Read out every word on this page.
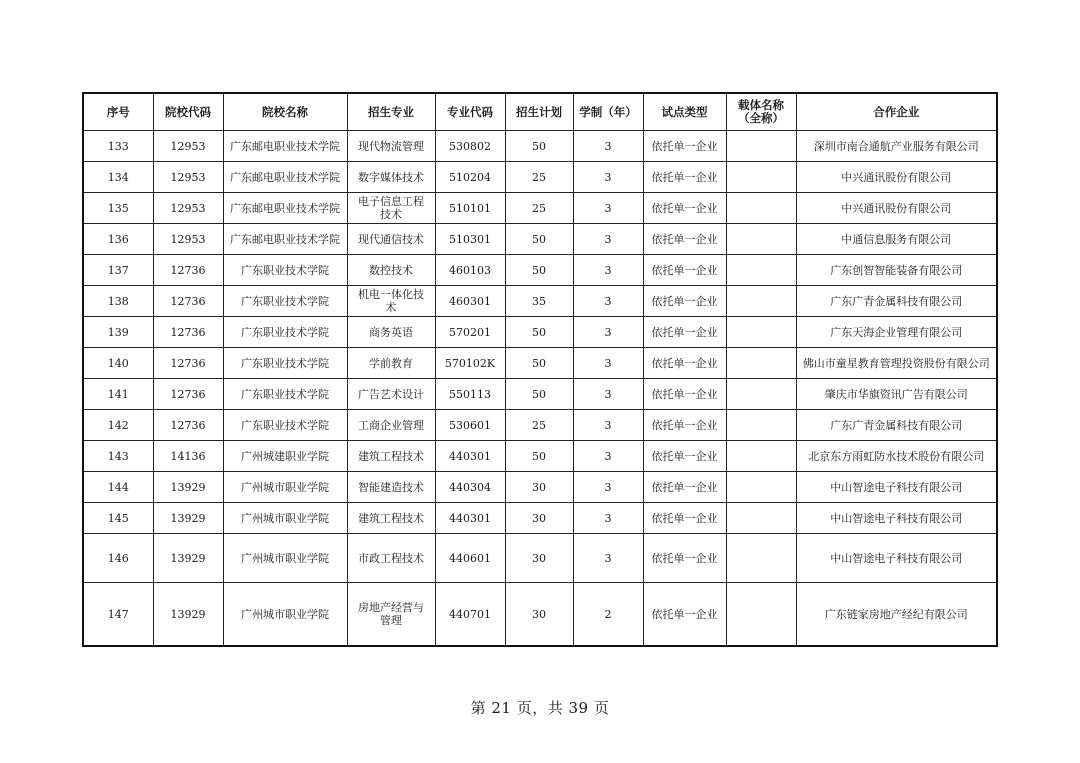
序号	院校代码	院校名称	招生专业	专业代码	招生计划	学制（年）	试点类型	载体名称（全称）	合作企业
133	12953	广东邮电职业技术学院	现代物流管理	530802	50	3	依托单一企业		深圳市南合通航产业服务有限公司
134	12953	广东邮电职业技术学院	数字媒体技术	510204	25	3	依托单一企业		中兴通讯股份有限公司
135	12953	广东邮电职业技术学院	电子信息工程技术	510101	25	3	依托单一企业		中兴通讯股份有限公司
136	12953	广东邮电职业技术学院	现代通信技术	510301	50	3	依托单一企业		中通信息服务有限公司
137	12736	广东职业技术学院	数控技术	460103	50	3	依托单一企业		广东创智智能装备有限公司
138	12736	广东职业技术学院	机电一体化技术	460301	35	3	依托单一企业		广东广青金属科技有限公司
139	12736	广东职业技术学院	商务英语	570201	50	3	依托单一企业		广东天海企业管理有限公司
140	12736	广东职业技术学院	学前教育	570102K	50	3	依托单一企业		佛山市童星教育管理投资股份有限公司
141	12736	广东职业技术学院	广告艺术设计	550113	50	3	依托单一企业		肇庆市华旗资讯广告有限公司
142	12736	广东职业技术学院	工商企业管理	530601	25	3	依托单一企业		广东广青金属科技有限公司
143	14136	广州城建职业学院	建筑工程技术	440301	50	3	依托单一企业		北京东方雨虹防水技术股份有限公司
144	13929	广州城市职业学院	智能建造技术	440304	30	3	依托单一企业		中山智途电子科技有限公司
145	13929	广州城市职业学院	建筑工程技术	440301	30	3	依托单一企业		中山智途电子科技有限公司
146	13929	广州城市职业学院	市政工程技术	440601	30	3	依托单一企业		中山智途电子科技有限公司
147	13929	广州城市职业学院	房地产经营与管理	440701	30	2	依托单一企业		广东链家房地产经纪有限公司
第 21 页，共 39 页
